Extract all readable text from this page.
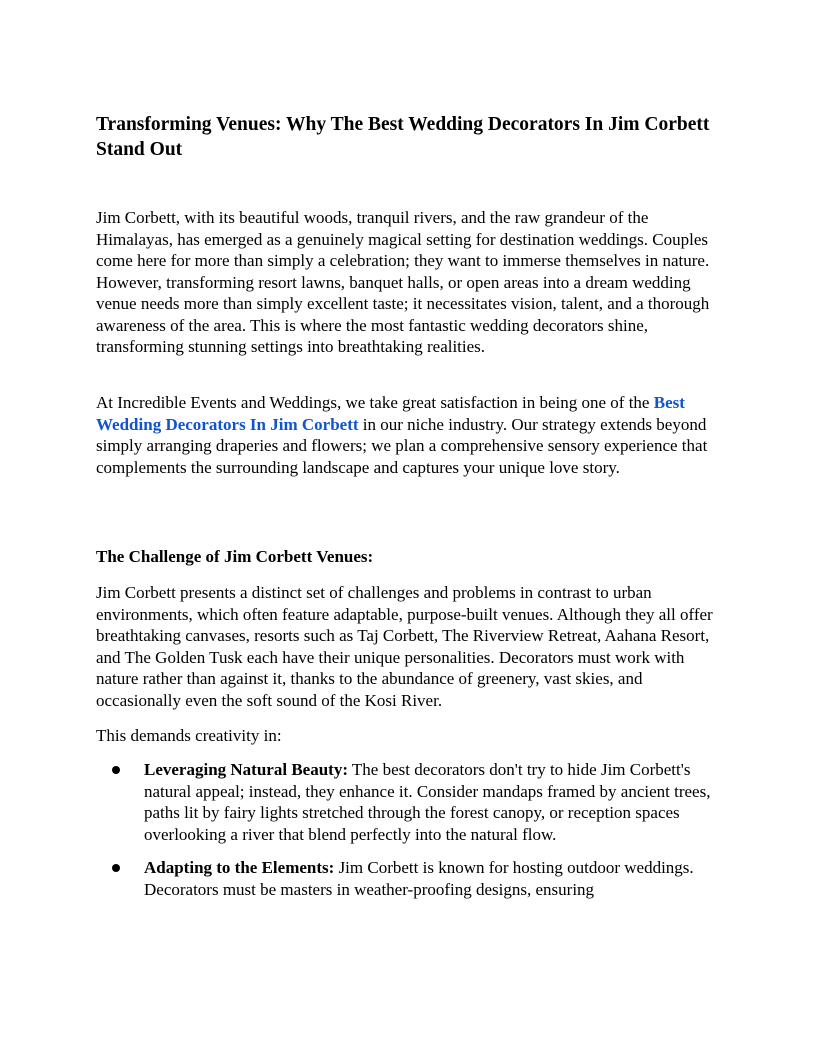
Transforming Venues: Why The Best Wedding Decorators In Jim Corbett Stand Out

Jim Corbett, with its beautiful woods, tranquil rivers, and the raw grandeur of the Himalayas, has emerged as a genuinely magical setting for destination weddings. Couples come here for more than simply a celebration; they want to immerse themselves in nature. However, transforming resort lawns, banquet halls, or open areas into a dream wedding venue needs more than simply excellent taste; it necessitates vision, talent, and a thorough awareness of the area. This is where the most fantastic wedding decorators shine, transforming stunning settings into breathtaking realities.

At Incredible Events and Weddings, we take great satisfaction in being one of the Best Wedding Decorators In Jim Corbett in our niche industry. Our strategy extends beyond simply arranging draperies and flowers; we plan a comprehensive sensory experience that complements the surrounding landscape and captures your unique love story.

The Challenge of Jim Corbett Venues:

Jim Corbett presents a distinct set of challenges and problems in contrast to urban environments, which often feature adaptable, purpose-built venues. Although they all offer breathtaking canvases, resorts such as Taj Corbett, The Riverview Retreat, Aahana Resort, and The Golden Tusk each have their unique personalities. Decorators must work with nature rather than against it, thanks to the abundance of greenery, vast skies, and occasionally even the soft sound of the Kosi River.

This demands creativity in:

Leveraging Natural Beauty: The best decorators don't try to hide Jim Corbett's natural appeal; instead, they enhance it. Consider mandaps framed by ancient trees, paths lit by fairy lights stretched through the forest canopy, or reception spaces overlooking a river that blend perfectly into the natural flow.
Adapting to the Elements: Jim Corbett is known for hosting outdoor weddings. Decorators must be masters in weather-proofing designs, ensuring
